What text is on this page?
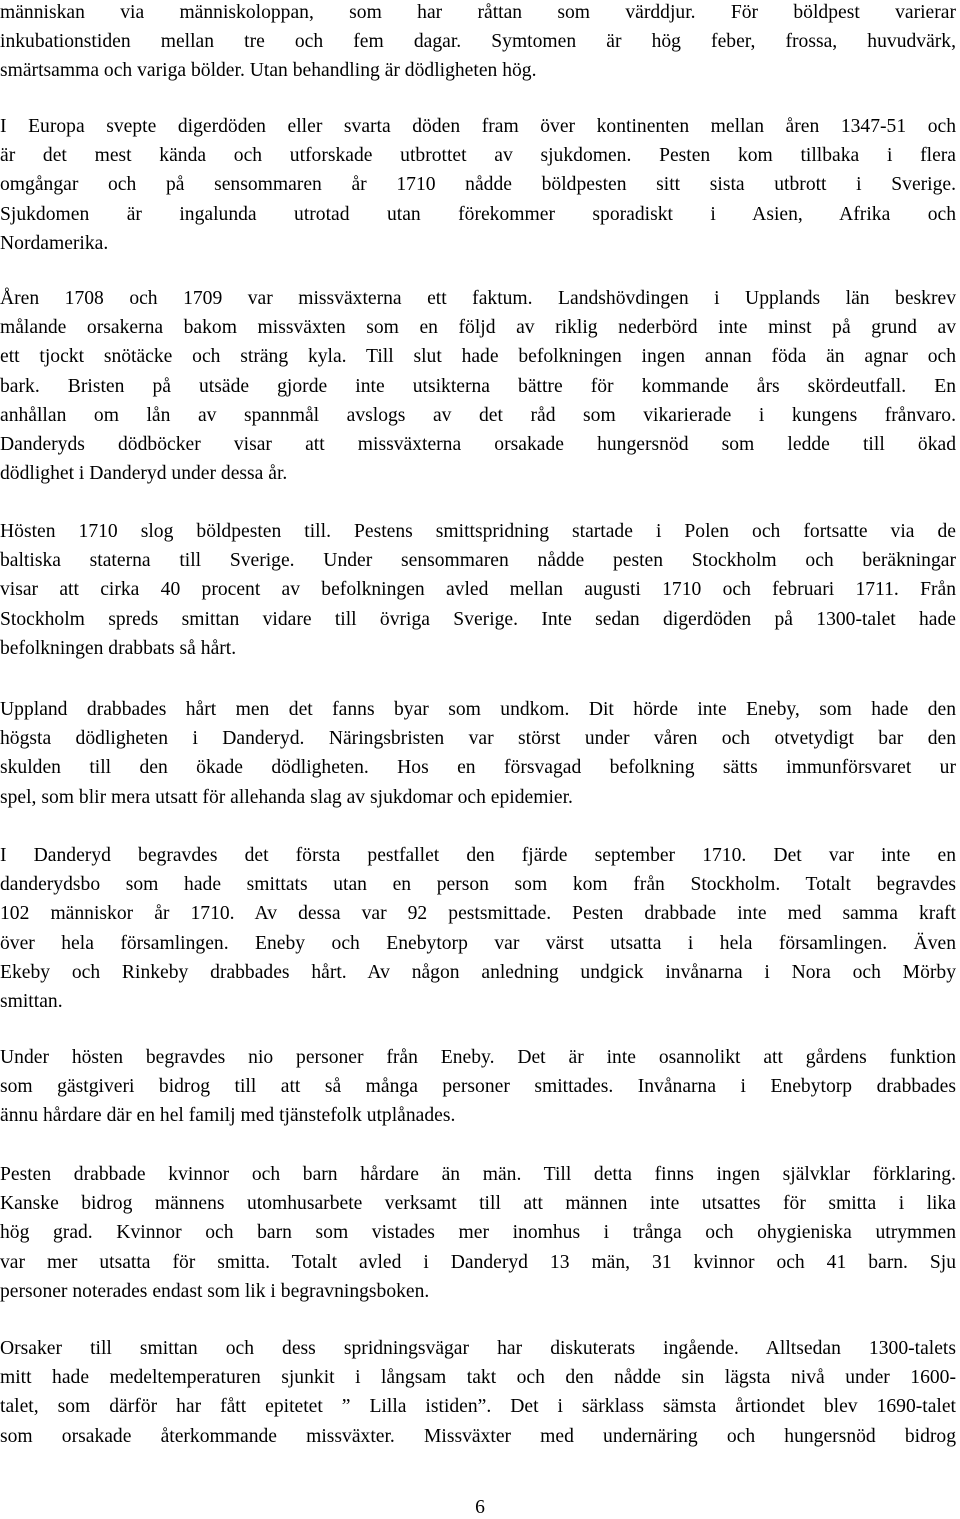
människan via människoloppan, som har råttan som värddjur. För böldpest varierar
inkubationstiden mellan tre och fem dagar. Symtomen är hög feber, frossa, huvudvärk,
smärtsamma och variga bölder. Utan behandling är dödligheten hög.

I Europa svepte digerdöden eller svarta döden fram över kontinenten mellan åren 1347-51 och
är det mest kända och utforskade utbrottet av sjukdomen. Pesten kom tillbaka i flera
omgångar och på sensommaren år 1710 nådde böldpesten sitt sista utbrott i Sverige.
Sjukdomen är ingalunda utrotad utan förekommer sporadiskt i Asien, Afrika och
Nordamerika.

Åren 1708 och 1709 var missväxterna ett faktum. Landshövdingen i Upplands län beskrev
målande orsakerna bakom missväxten som en följd av riklig nederbörd inte minst på grund av
ett tjockt snötäcke och sträng kyla. Till slut hade befolkningen ingen annan föda än agnar och
bark. Bristen på utsäde gjorde inte utsikterna bättre för kommande års skördeutfall. En
anhållan om lån av spannmål avslogs av det råd som vikarierade i kungens frånvaro.
Danderyds dödböcker visar att missväxterna orsakade hungersnöd som ledde till ökad
dödlighet i Danderyd under dessa år.

Hösten 1710 slog böldpesten till. Pestens smittspridning startade i Polen och fortsatte via de
baltiska staterna till Sverige. Under sensommaren nådde pesten Stockholm och beräkningar
visar att cirka 40 procent av befolkningen avled mellan augusti 1710 och februari 1711. Från
Stockholm spreds smittan vidare till övriga Sverige. Inte sedan digerdöden på 1300-talet hade
befolkningen drabbats så hårt.

Uppland drabbades hårt men det fanns byar som undkom. Dit hörde inte Eneby, som hade den
högsta dödligheten i Danderyd. Näringsbristen var störst under våren och otvetydigt bar den
skulden till den ökade dödligheten. Hos en försvagad befolkning sätts immunförsvaret ur
spel, som blir mera utsatt för allehanda slag av sjukdomar och epidemier.

I Danderyd begravdes det första pestfallet den fjärde september 1710. Det var inte en
danderydsbo som hade smittats utan en person som kom från Stockholm. Totalt begravdes
102 människor år 1710. Av dessa var 92 pestsmittade. Pesten drabbade inte med samma kraft
över hela församlingen. Eneby och Enebytorp var värst utsatta i hela församlingen. Även
Ekeby och Rinkeby drabbades hårt. Av någon anledning undgick invånarna i Nora och Mörby
smittan.

Under hösten begravdes nio personer från Eneby. Det är inte osannolikt att gårdens funktion
som gästgiveri bidrog till att så många personer smittades. Invånarna i Enebytorp drabbades
ännu hårdare där en hel familj med tjänstefolk utplånades.

Pesten drabbade kvinnor och barn hårdare än män. Till detta finns ingen självklar förklaring.
Kanske bidrog männens utomhusarbete verksamt till att männen inte utsattes för smitta i lika
hög grad. Kvinnor och barn som vistades mer inomhus i trånga och ohygieniska utrymmen
var mer utsatta för smitta. Totalt avled i Danderyd 13 män, 31 kvinnor och 41 barn. Sju
personer noterades endast som lik i begravningsboken.

Orsaker till smittan och dess spridningsvägar har diskuterats ingående. Alltsedan 1300-talets
mitt hade medeltemperaturen sjunkit i långsam takt och den nådde sin lägsta nivå under 1600-
talet, som därför har fått epitetet ” Lilla istiden”. Det i särklass sämsta årtiondet blev 1690-talet
som orsakade återkommande missväxter. Missväxter med undernäring och hungersnöd bidrog

6
